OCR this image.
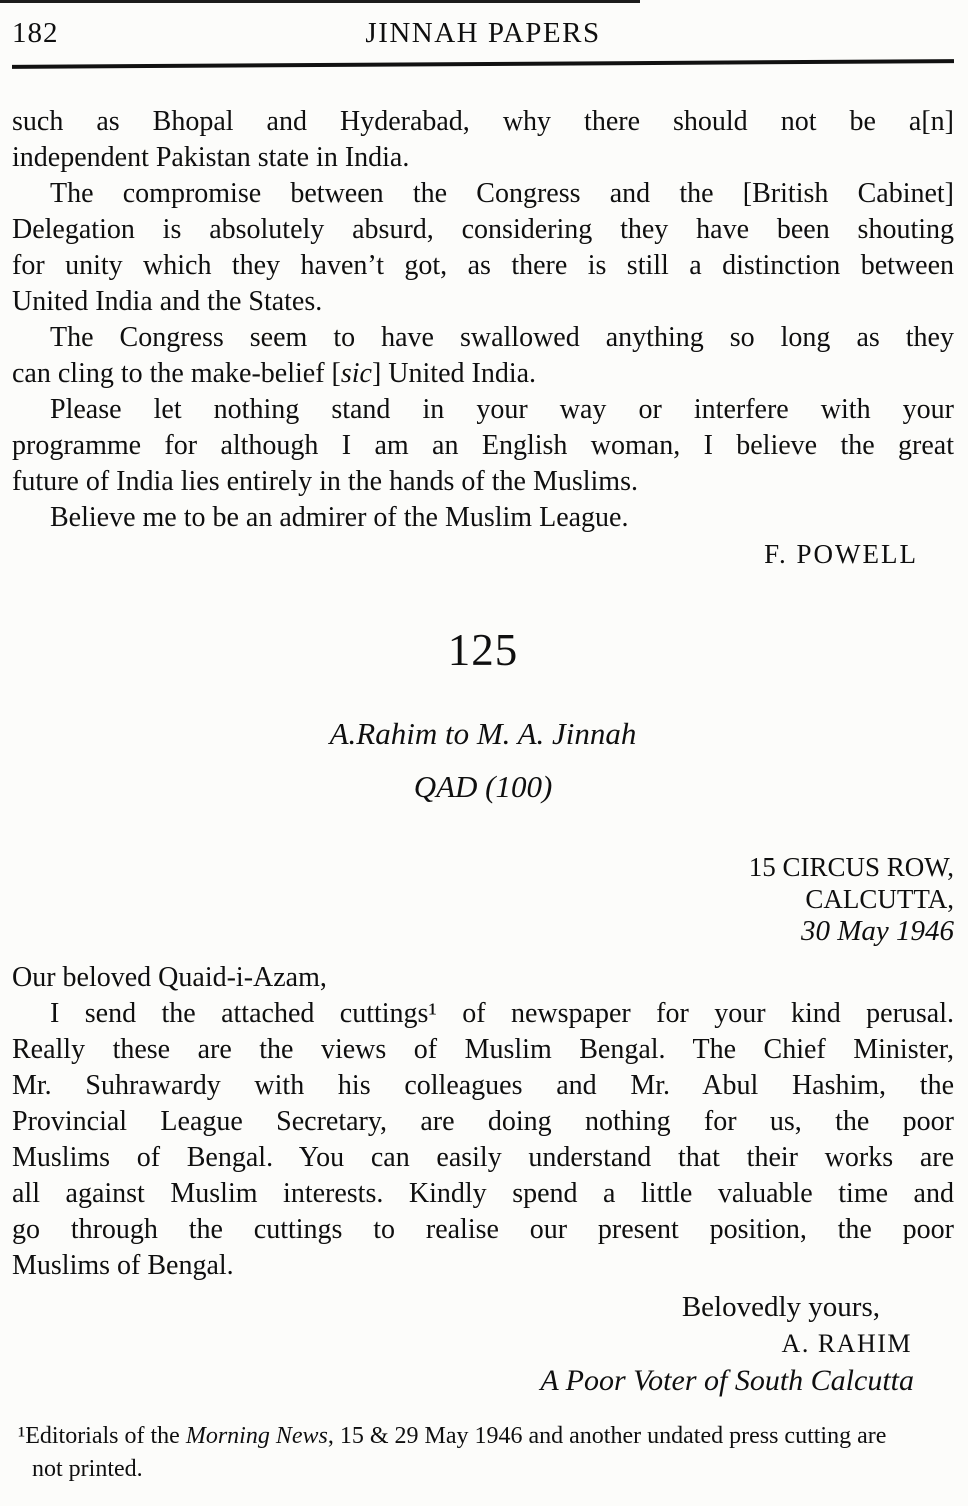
182	JINNAH PAPERS
such as Bhopal and Hyderabad, why there should not be a[n]
independent Pakistan state in India.
The compromise between the Congress and the [British Cabinet]
Delegation is absolutely absurd, considering they have been shouting
for unity which they haven’t got, as there is still a distinction between
United India and the States.
The Congress seem to have swallowed anything so long as they
can cling to the make-belief [sic] United India.
Please let nothing stand in your way or interfere with your
programme for although I am an English woman, I believe the great
future of India lies entirely in the hands of the Muslims.
Believe me to be an admirer of the Muslim League.
F. POWELL
125
A.Rahim to M. A. Jinnah
QAD (100)
15 CIRCUS ROW,
CALCUTTA,
30 May 1946
Our beloved Quaid-i-Azam,
I send the attached cuttings¹ of newspaper for your kind perusal.
Really these are the views of Muslim Bengal. The Chief Minister,
Mr. Suhrawardy with his colleagues and Mr. Abul Hashim, the
Provincial League Secretary, are doing nothing for us, the poor
Muslims of Bengal. You can easily understand that their works are
all against Muslim interests. Kindly spend a little valuable time and
go through the cuttings to realise our present position, the poor
Muslims of Bengal.
Belovedly yours,
A. RAHIM
A Poor Voter of South Calcutta
¹Editorials of the Morning News, 15 & 29 May 1946 and another undated press cutting are
not printed.
